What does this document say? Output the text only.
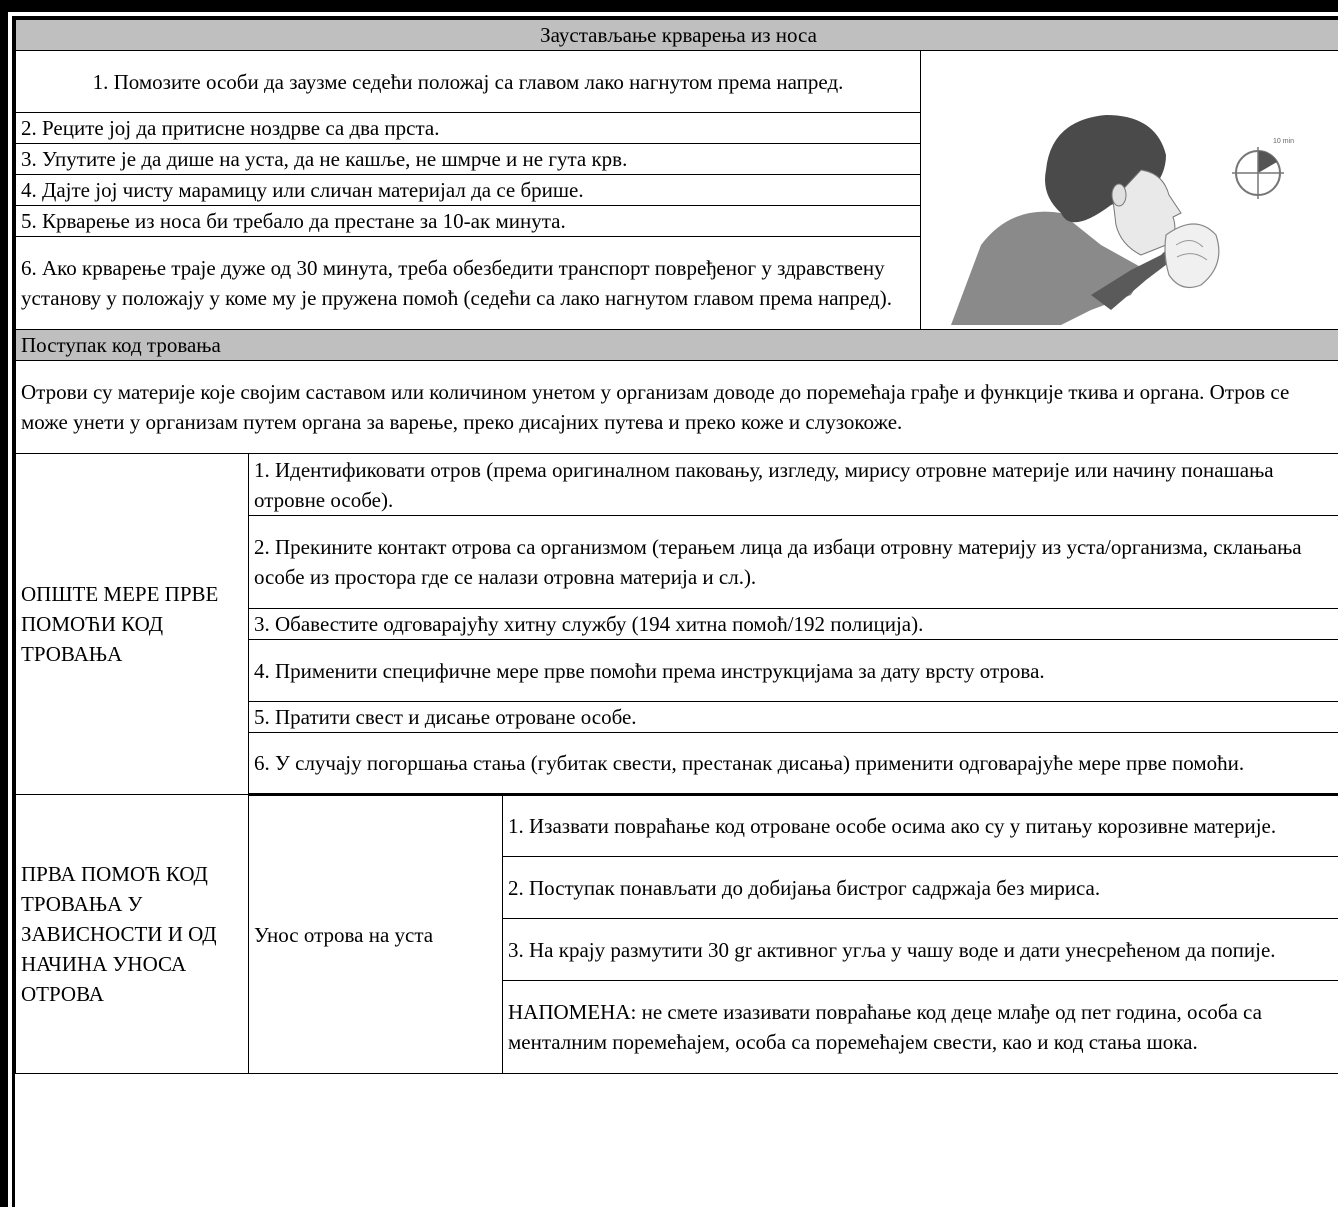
Заустављање крварења из носа			
1. Помозите особи да заузме седећи положај са главом лако нагнутом према напред.			10 min

2. Реците јој да притисне ноздрве са два прста.			
3. Упутите је да дише на уста, да не кашље, не шмрче и не гута крв.			
4. Дајте јој чисту марамицу или сличан материјал да се брише.			
5. Крварење из носа би требало да престане за 10-ак минута.			
6. Ако крварење траје дуже од 30 минута, треба обезбедити транспорт повређеног у здравствену установу у положају у коме му је пружена помоћ (седећи са лако нагнутом главом према напред).			
Поступак код тровања			
Отрови су материје које својим саставом или количином унетом у организам доводе до поремећаја грађе и функције ткива и органа. Отров се може унети у организам путем органа за варење, преко дисајних путева и преко коже и слузокоже.			
ОПШТЕ МЕРЕ ПРВЕ ПОМОЋИ КОД ТРОВАЊА	1. Идентификовати отров (према оригиналном паковању, изгледу, мирису отровне материје или начину понашања отровне особе).		
	2. Прекините контакт отрова са организмом (терањем лица да избаци отровну материју из уста/организма, склањања особе из простора где се налази отровна материја и сл.).		
	3. Обавестите одговарајућу хитну службу (194 хитна помоћ/192 полиција).		
	4. Применити специфичне мере прве помоћи према инструкцијама за дату врсту отрова.		
	5. Пратити свест и дисање отроване особе.		
	6. У случају погоршања стања (губитак свести, престанак дисања) применити одговарајуће мере прве помоћи.		
ПРВА ПОМОЋ КОД ТРОВАЊА У ЗАВИСНОСТИ И ОД НАЧИНА УНОСА ОТРОВА	Унос отрова на уста	1. Изазвати повраћање код отроване особе осима ако су у питању корозивне материје.	
		2. Поступак понављати до добијања бистрог садржаја без мириса.	
		3. На крају размутити 30 gr активног угља у чашу воде и дати унесрећеном да попије.	
		НАПОМЕНА: не смете изазивати повраћање код деце млађе од пет година, особа са менталним поремећајем, особа са поремећајем свести, као и код стања шока.	
